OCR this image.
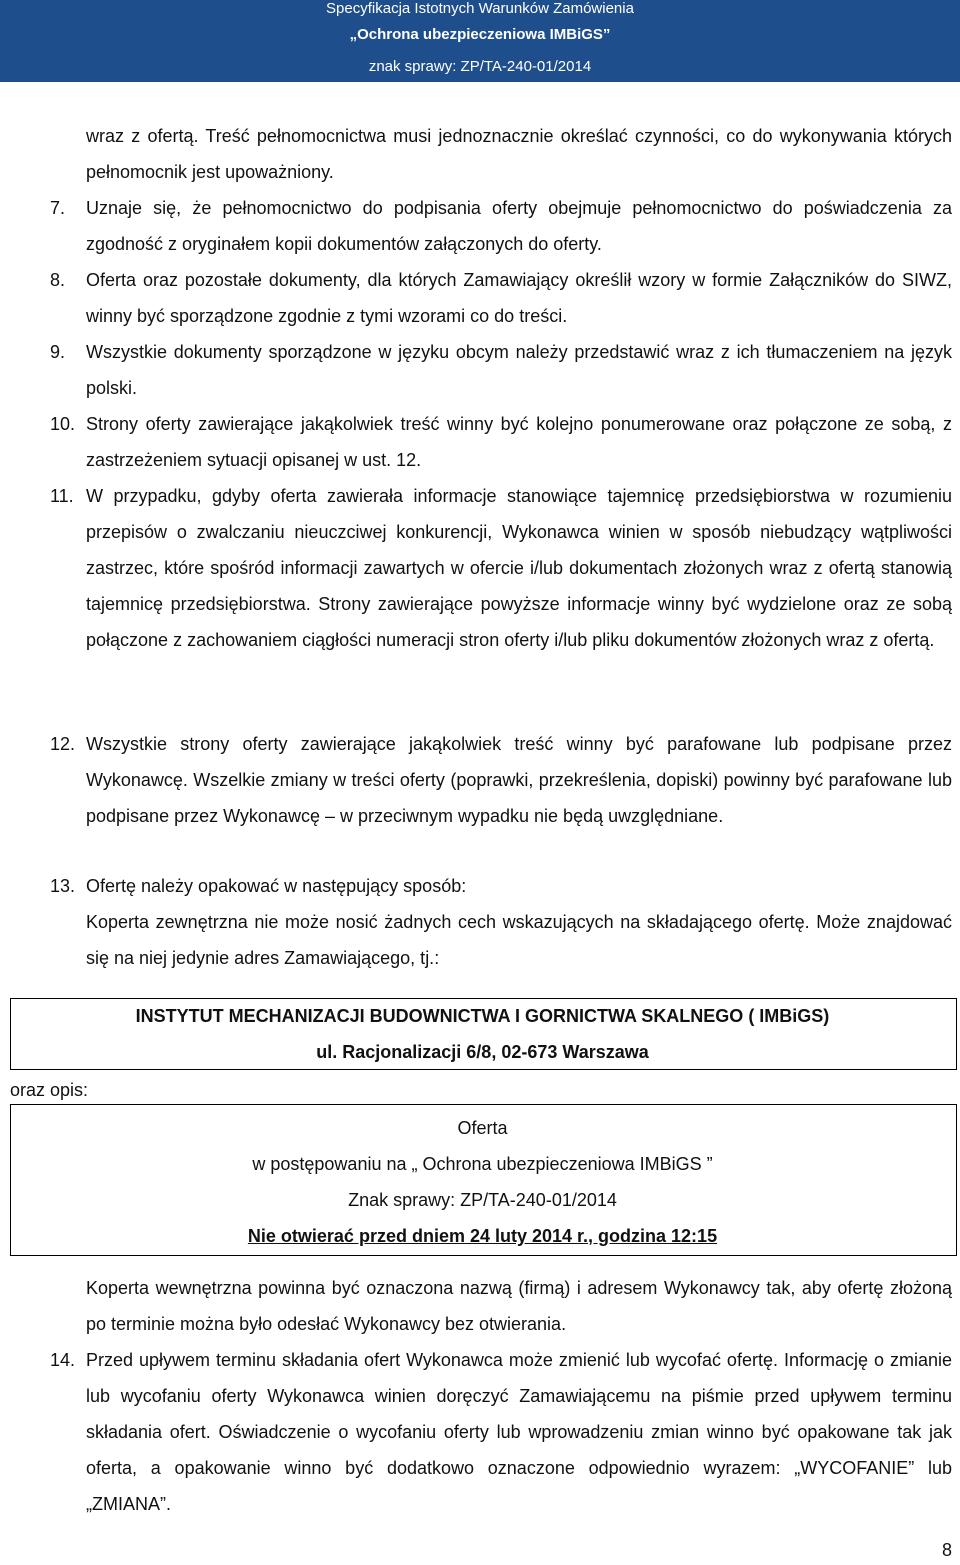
Specyfikacja Istotnych Warunków Zamówienia
„Ochrona ubezpieczeniowa IMBiGS”
znak sprawy: ZP/TA-240-01/2014
wraz z ofertą. Treść pełnomocnictwa musi jednoznacznie określać czynności, co do wykonywania których pełnomocnik jest upoważniony.
7. Uznaje się, że pełnomocnictwo do podpisania oferty obejmuje pełnomocnictwo do poświadczenia za zgodność z oryginałem kopii dokumentów załączonych do oferty.
8. Oferta oraz pozostałe dokumenty, dla których Zamawiający określił wzory w formie Załączników do SIWZ, winny być sporządzone zgodnie z tymi wzorami co do treści.
9. Wszystkie dokumenty sporządzone w języku obcym należy przedstawić wraz z ich tłumaczeniem na język polski.
10. Strony oferty zawierające jakąkolwiek treść winny być kolejno ponumerowane oraz połączone ze sobą, z zastrzeżeniem sytuacji opisanej w ust. 12.
11. W przypadku, gdyby oferta zawierała informacje stanowiące tajemnicę przedsiębiorstwa w rozumieniu przepisów o zwalczaniu nieuczciwej konkurencji, Wykonawca winien w sposób niebudzący wątpliwości zastrzec, które spośród informacji zawartych w ofercie i/lub dokumentach złożonych wraz z ofertą stanowią tajemnicę przedsiębiorstwa. Strony zawierające powyższe informacje winny być wydzielone oraz ze sobą połączone z zachowaniem ciągłości numeracji stron oferty i/lub pliku dokumentów złożonych wraz z ofertą.
12. Wszystkie strony oferty zawierające jakąkolwiek treść winny być parafowane lub podpisane przez Wykonawcę. Wszelkie zmiany w treści oferty (poprawki, przekreślenia, dopiski) powinny być parafowane lub podpisane przez Wykonawcę – w przeciwnym wypadku nie będą uwzględniane.
13. Ofertę należy opakować w następujący sposób:
Koperta zewnętrzna nie może nosić żadnych cech wskazujących na składającego ofertę. Może znajdować się na niej jedynie adres Zamawiającego, tj.:
INSTYTUT MECHANIZACJI BUDOWNICTWA I GORNICTWA SKALNEGO ( IMBiGS)
ul. Racjonalizacji 6/8, 02-673 Warszawa
oraz opis:
Oferta
w postępowaniu na „ Ochrona ubezpieczeniowa IMBiGS ”
Znak sprawy: ZP/TA-240-01/2014
Nie otwierać przed dniem 24 luty 2014 r., godzina 12:15
Koperta wewnętrzna powinna być oznaczona nazwą (firmą) i adresem Wykonawcy tak, aby ofertę złożoną po terminie można było odesłać Wykonawcy bez otwierania.
14. Przed upływem terminu składania ofert Wykonawca może zmienić lub wycofać ofertę. Informację o zmianie lub wycofaniu oferty Wykonawca winien doręczyć Zamawiającemu na piśmie przed upływem terminu składania ofert. Oświadczenie o wycofaniu oferty lub wprowadzeniu zmian winno być opakowane tak jak oferta, a opakowanie winno być dodatkowo oznaczone odpowiednio wyrazem: „WYCOFANIE” lub „ZMIANA”.
8
